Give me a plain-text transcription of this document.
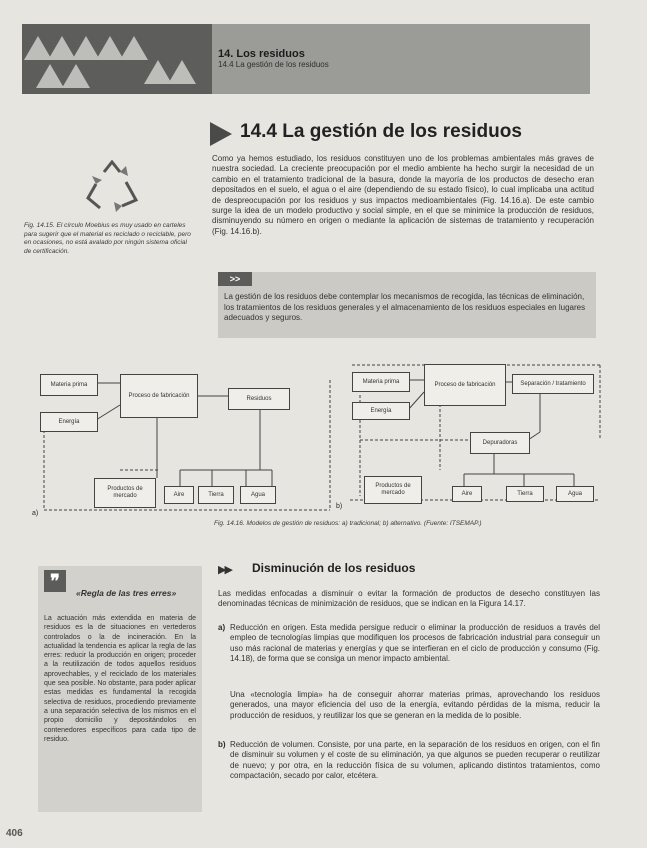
14. Los residuos
14.4 La gestión de los residuos
14.4 La gestión de los residuos
Fig. 14.15. El círculo Moebius es muy usado en carteles para sugerir que el material es reciclado o reciclable, pero en ocasiones, no está avalado por ningún sistema oficial de certificación.
Como ya hemos estudiado, los residuos constituyen uno de los problemas ambientales más graves de nuestra sociedad. La creciente preocupación por el medio ambiente ha hecho surgir la necesidad de un cambio en el tratamiento tradicional de la basura, donde la mayoría de los productos de desecho eran depositados en el suelo, el agua o el aire (dependiendo de su estado físico), lo cual implicaba una actitud de despreocupación por los residuos y sus impactos medioambientales (Fig. 14.16.a). De este cambio surge la idea de un modelo productivo y social simple, en el que se minimice la producción de residuos, disminuyendo su número en origen o mediante la aplicación de sistemas de tratamiento y recuperación (Fig. 14.16.b).
>>
La gestión de los residuos debe contemplar los mecanismos de recogida, las técnicas de eliminación, los tratamientos de los residuos generales y el almacenamiento de los residuos especiales en lugares adecuados y seguros.
Materia prima
Energía
Proceso de fabricación	Residuos
Productos de mercado	Aire	Tierra	Agua
a)
Materia prima
Energía
Proceso de fabricación	Separación / tratamiento
Depuradoras
Productos de mercado	Aire	Tierra	Agua
b)
Fig. 14.16. Modelos de gestión de residuos: a) tradicional; b) alternativo. (Fuente: ITSEMAP.)
▶▶ Disminución de los residuos
❞
«Regla de las tres erres»
La actuación más extendida en materia de residuos es la de situaciones en vertederos controlados o la de incineración. En la actualidad la tendencia es aplicar la regla de las erres: reducir la producción en origen; proceder a la reutilización de todos aquellos residuos aprovechables, y el reciclado de los materiales que sea posible. No obstante, para poder aplicar estas medidas es fundamental la recogida selectiva de residuos, procediendo previamente a una separación selectiva de los mismos en el propio domicilio y depositándolos en contenedores específicos para cada tipo de residuo.
Las medidas enfocadas a disminuir o evitar la formación de productos de desecho constituyen las denominadas técnicas de minimización de residuos, que se indican en la Figura 14.17.
a) Reducción en origen. Esta medida persigue reducir o eliminar la producción de residuos a través del empleo de tecnologías limpias que modifiquen los procesos de fabricación industrial para conseguir un uso más racional de materias y energías y que se interfieran en el ciclo de producción y consumo (Fig. 14.18), de forma que se consiga un menor impacto ambiental.
Una «tecnología limpia» ha de conseguir ahorrar materias primas, aprovechando los residuos generados, una mayor eficiencia del uso de la energía, evitando pérdidas de la misma, reducir la producción de residuos, y reutilizar los que se generan en la medida de lo posible.
b) Reducción de volumen. Consiste, por una parte, en la separación de los residuos en origen, con el fin de disminuir su volumen y el coste de su eliminación, ya que algunos se pueden recuperar o reutilizar de nuevo; y por otra, en la reducción física de su volumen, aplicando distintos tratamientos, como compactación, secado por calor, etcétera.
406
